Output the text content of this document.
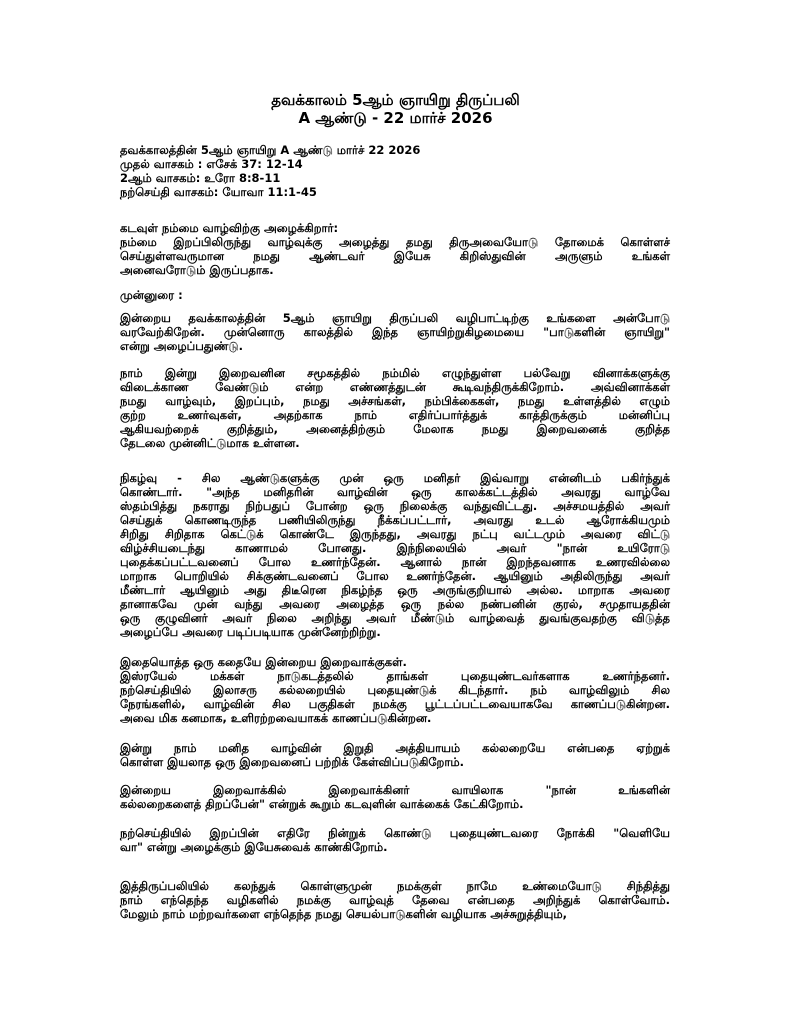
தவக்காலம் 5ஆம் ஞாயிறு திருப்பலி
A ஆண்டு - 22 மார்ச் 2026
தவக்காலத்தின் 5ஆம் ஞாயிறு A ஆண்டு மார்ச் 22 2026
முதல் வாசகம் : எசேக் 37: 12-14
2ஆம் வாசகம்: உரோ 8:8-11
நற்செய்தி வாசகம்: யோவா 11:1-45
கடவுள் நம்மை வாழ்விற்கு அழைக்கிறார்:
நம்மை இறப்பிலிருந்து வாழ்வுக்கு அழைத்து தமது திருஅவையோடு தோமைக் கொள்ளச்
செய்துள்ளவருமான நமது ஆண்டவர் இயேசு கிறிஸ்துவின் அருளும் உங்கள்
அனைவரோடும் இருப்பதாக.
முன்னுரை :
இன்றைய தவக்காலத்தின் 5ஆம் ஞாயிறு திருப்பலி வழிபாட்டிற்கு உங்களை அன்போடு
வரவேற்கிறேன். முன்னொரு காலத்தில் இந்த ஞாயிற்றுகிழமையை "பாடுகளின் ஞாயிறு"
என்று அழைப்பதுண்டு.
நாம் இன்று இறைவனின சமூகத்தில் நம்மில் எழுந்துள்ள பல்வேறு வினாக்களுக்கு
விடைக்காண வேண்டும் என்ற எண்ணத்துடன் கூடிவந்திருக்கிறோம். அவ்வினாக்கள்
நமது வாழ்வும், இறப்பும், நமது அச்சங்கள், நம்பிக்கைகள், நமது உள்ளத்தில் எழும்
குற்ற உணர்வுகள், அதற்காக நாம் எதிர்ப்பார்த்துக் காத்திருக்கும் மன்னிப்பு
ஆகியவற்றைக் குறித்தும், அனைத்திற்கும் மேலாக நமது இறைவனைக் குறித்த
தேடலை முன்னிட்டுமாக உள்ளன.
நிகழ்வு - சில ஆண்டுகளுக்கு முன் ஒரு மனிதர் இவ்வாறு என்னிடம் பகிர்ந்துக்
கொண்டார். "அந்த மனிதரின் வாழ்வின் ஒரு காலக்கட்டத்தில் அவரது வாழ்வே
ஸ்தம்பித்து நகராது நிற்பதுப் போன்ற ஒரு நிலைக்கு வந்துவிட்டது. அச்சமயத்தில் அவர்
செய்துக் கொணடிருந்த பணியிலிருந்து நீக்கப்பட்டார், அவரது உடல் ஆரோக்கியமும்
சிறிது சிறிதாக கெட்டுக் கொண்டே இருந்தது, அவரது நட்பு வட்டமும் அவரை விட்டு
விழ்ச்சியடைந்து காணாமல் போனது. இந்நிலையில் அவர் "நான் உயிரோடு
புதைக்கப்பட்டவனைப் போல உணர்ந்தேன். ஆனால் நான் இறந்தவனாக உணரவில்லை
மாறாக பொறியில் சிக்குண்டவனைப் போல உணர்ந்தேன். ஆயினும் அதிலிருந்து அவர்
மீண்டார் ஆயினும் அது திடீரென நிகழ்ந்த ஒரு அருங்குறியால் அல்ல. மாறாக அவரை
தானாகவே முன் வந்து அவரை அழைத்த ஒரு நல்ல நண்பனின் குரல், சமுதாயததின்
ஒரு குழுவினர் அவர் நிலை அறிந்து அவர் மீண்டும் வாழ்வைத் துவங்குவதற்கு விடுத்த
அழைப்பே அவரை படிப்படியாக முன்னேற்றிற்று.
இதையொத்த ஒரு கதையே இன்றைய இறைவாக்குகள்.
இஸ்ரயேல் மக்கள் நாடுகடத்தலில் தாங்கள் புதையுண்டவர்களாக உணர்ந்தனர்.
நற்செய்தியில் இலாசரு கல்லறையில் புதையுண்டுக் கிடந்தார். நம் வாழ்விலும் சில
நேரங்களில், வாழ்வின் சில பகுதிகள் நமக்கு பூட்டப்பட்டவையாகவே காணப்படுகின்றன.
அவை மிக கனமாக, உளிரற்றவையாகக் காணப்படுகின்றன.
இன்று நாம் மனித வாழ்வின் இறுதி அத்தியாயம் கல்லறையே என்பதை ஏற்றுக்
கொள்ள இயலாத ஒரு இறைவனைப் பற்றிக் கேள்விப்படுகிறோம்.
இன்றைய இறைவாக்கில் இறைவாக்கினர் வாயிலாக "நான் உங்களின்
கல்லறைகளைத் திறப்பேன்" என்றுக் கூறும் கடவுளின் வாக்கைக் கேட்கிறோம்.
நற்செய்தியில் இறப்பின் எதிரே நின்றுக் கொண்டு புதையுண்டவரை நோக்கி "வெளியே
வா" என்று அழைக்கும் இயேசுவைக் காண்கிறோம்.
இத்திருப்பலியில் கலந்துக் கொள்ளுமுன் நமக்குள் நாமே உண்மையோடு சிந்தித்து
நாம் எந்தெந்த வழிகளில் நமக்கு வாழ்வுத் தேவை என்பதை அறிந்துக் கொள்வோம்.
மேலும் நாம் மற்றவர்களை எந்தெந்த நமது செயல்பாடுகளின் வழியாக அச்சுறுத்தியும்,
